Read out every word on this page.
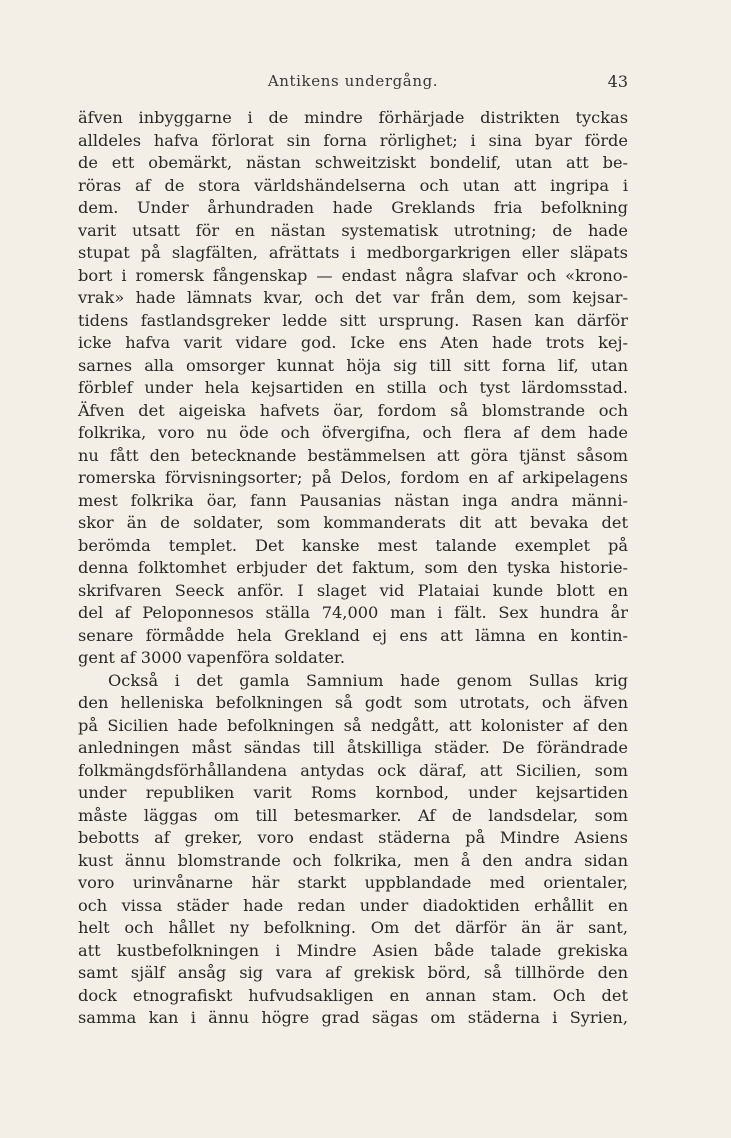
Antikens undergång.	43
äfven inbyggarne i de mindre förhärjade distrikten tyckas
alldeles hafva förlorat sin forna rörlighet; i sina byar förde
de ett obemärkt, nästan schweitziskt bondelif, utan att be-
röras af de stora världshändelserna och utan att ingripa i
dem. Under århundraden hade Greklands fria befolkning
varit utsatt för en nästan systematisk utrotning; de hade
stupat på slagfälten, afrättats i medborgarkrigen eller släpats
bort i romersk fångenskap — endast några slafvar och «krono-
vrak» hade lämnats kvar, och det var från dem, som kejsar-
tidens fastlandsgreker ledde sitt ursprung. Rasen kan därför
icke hafva varit vidare god. Icke ens Aten hade trots kej-
sarnes alla omsorger kunnat höja sig till sitt forna lif, utan
förblef under hela kejsartiden en stilla och tyst lärdomsstad.
Äfven det aigeiska hafvets öar, fordom så blomstrande och
folkrika, voro nu öde och öfvergifna, och flera af dem hade
nu fått den betecknande bestämmelsen att göra tjänst såsom
romerska förvisningsorter; på Delos, fordom en af arkipelagens
mest folkrika öar, fann Pausanias nästan inga andra männi-
skor än de soldater, som kommanderats dit att bevaka det
berömda templet. Det kanske mest talande exemplet på
denna folktomhet erbjuder det faktum, som den tyska historie-
skrifvaren Seeck anför. I slaget vid Plataiai kunde blott en
del af Peloponnesos ställa 74,000 man i fält. Sex hundra år
senare förmådde hela Grekland ej ens att lämna en kontin-
gent af 3000 vapenföra soldater.
Också i det gamla Samnium hade genom Sullas krig
den helleniska befolkningen så godt som utrotats, och äfven
på Sicilien hade befolkningen så nedgått, att kolonister af den
anledningen måst sändas till åtskilliga städer. De förändrade
folkmängdsförhållandena antydas ock däraf, att Sicilien, som
under republiken varit Roms kornbod, under kejsartiden
måste läggas om till betesmarker. Af de landsdelar, som
bebotts af greker, voro endast städerna på Mindre Asiens
kust ännu blomstrande och folkrika, men å den andra sidan
voro urinvånarne här starkt uppblandade med orientaler,
och vissa städer hade redan under diadoktiden erhållit en
helt och hållet ny befolkning. Om det därför än är sant,
att kustbefolkningen i Mindre Asien både talade grekiska
samt själf ansåg sig vara af grekisk börd, så tillhörde den
dock etnografiskt hufvudsakligen en annan stam. Och det
samma kan i ännu högre grad sägas om städerna i Syrien,
